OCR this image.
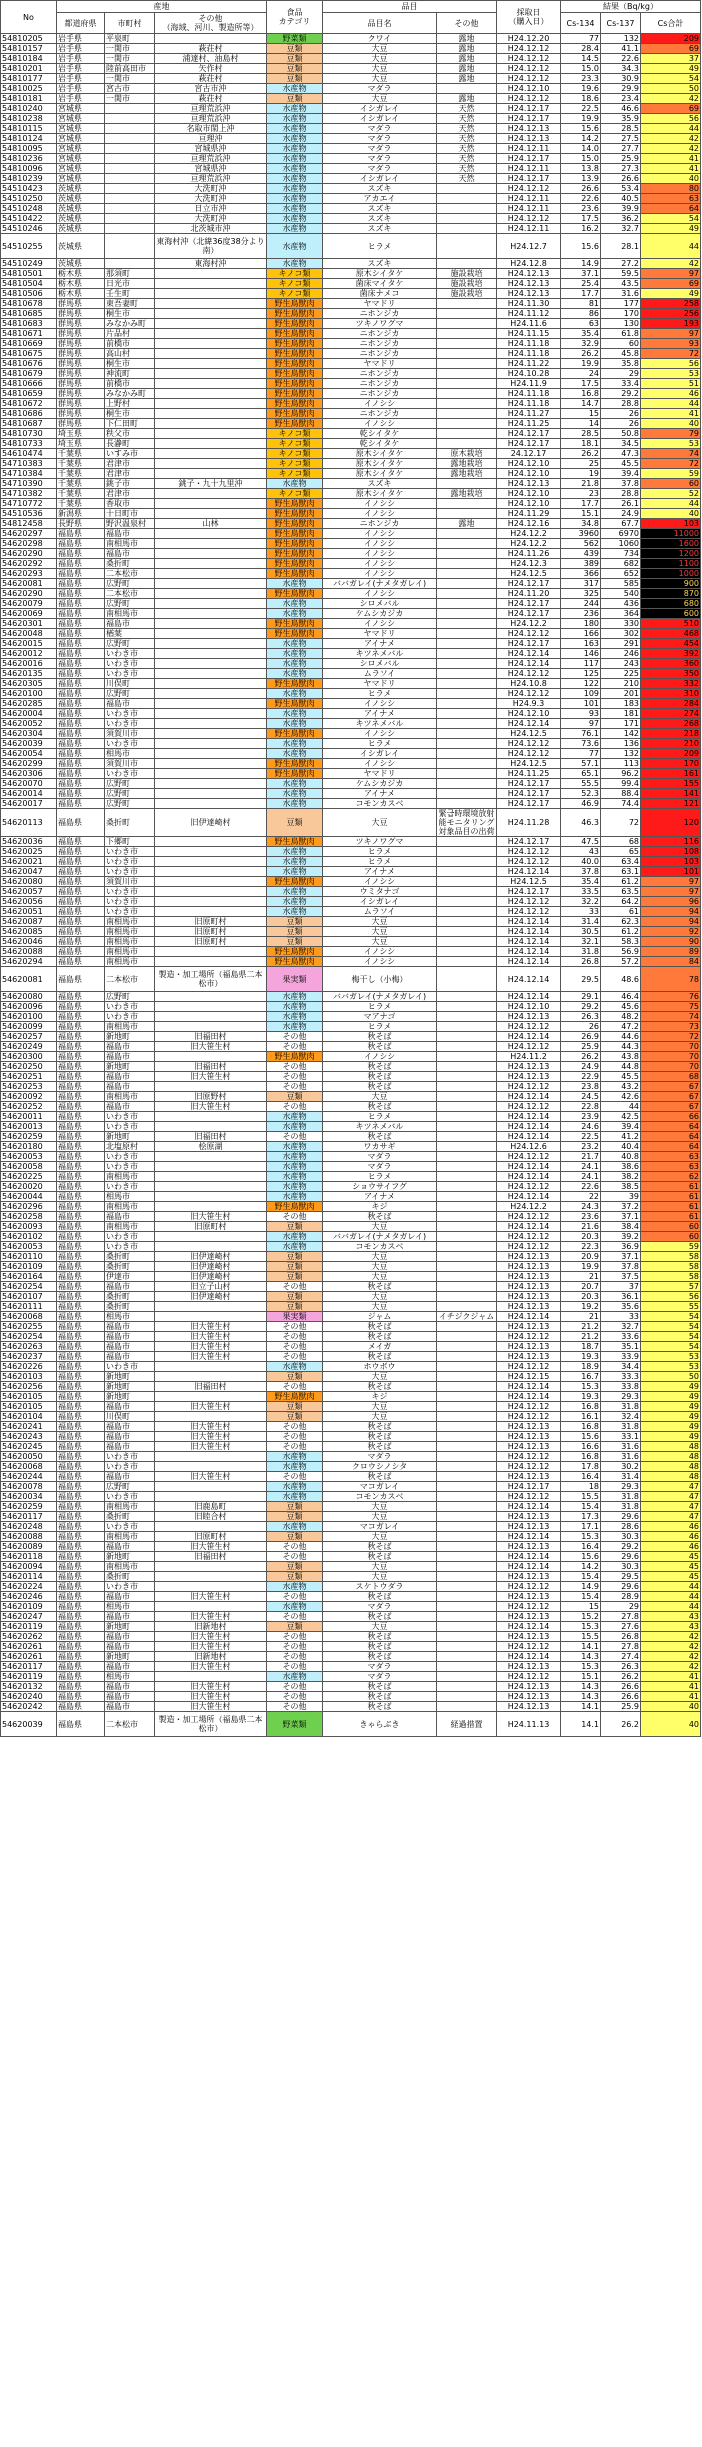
No	産地			食品
カテゴリ	品目		採取日
（購入日）	結果（Bq/kg）		
	都道府県	市町村	その他
（海域、河川、製造所等）		品目名	その他		Cs-134	Cs-137	Cs合計
54810205	岩手県	平泉町		野菜類	クワイ	露地	H24.12.20	77	132	209
54810157	岩手県	一関市	萩荘村	豆類	大豆	露地	H24.12.12	28.4	41.1	69
54810184	岩手県	一関市	浦達村、油島村	豆類	大豆	露地	H24.12.12	14.5	22.6	37
54810201	岩手県	陸前高田市	矢作村	豆類	大豆	露地	H24.12.12	15.0	34.3	49
54810177	岩手県	一関市	萩荘村	豆類	大豆	露地	H24.12.12	23.3	30.9	54
54810025	岩手県	宮古市	宮古市沖	水産物	マダラ		H24.12.10	19.6	29.9	50
54810181	岩手県	一関市	萩荘村	豆類	大豆	露地	H24.12.12	18.6	23.4	42
54810240	宮城県		亘理荒浜沖	水産物	イシガレイ	天然	H24.12.17	22.5	46.6	69
54810238	宮城県		亘理荒浜沖	水産物	イシガレイ	天然	H24.12.17	19.9	35.9	56
54810115	宮城県		名取市閖上沖	水産物	マダラ	天然	H24.12.13	15.6	28.5	44
54810124	宮城県		亘理沖	水産物	マダラ	天然	H24.12.13	14.2	27.5	42
54810095	宮城県		宮城県沖	水産物	マダラ	天然	H24.12.11	14.0	27.7	42
54810236	宮城県		亘理荒浜沖	水産物	マダラ	天然	H24.12.17	15.0	25.9	41
54810096	宮城県		宮城県沖	水産物	マダラ	天然	H24.12.11	13.8	27.3	41
54810239	宮城県		亘理荒浜沖	水産物	イシガレイ	天然	H24.12.17	13.9	26.6	40
54510423	茨城県		大洗町沖	水産物	スズキ		H24.12.12	26.6	53.4	80
54510250	茨城県		大洗町沖	水産物	アカエイ		H24.12.11	22.6	40.5	63
54510248	茨城県		日立市沖	水産物	スズキ		H24.12.11	23.6	39.9	64
54510422	茨城県		大洗町沖	水産物	スズキ		H24.12.12	17.5	36.2	54
54510246	茨城県		北茨城市沖	水産物	スズキ		H24.12.11	16.2	32.7	49
54510255	茨城県		東海村沖（北緯36度38分より南）	水産物	ヒラメ		H24.12.7	15.6	28.1	44
54510249	茨城県		東海村沖	水産物	スズキ		H24.12.8	14.9	27.2	42
54810501	栃木県	那須町		キノコ類	原木シイタケ	施設栽培	H24.12.13	37.1	59.5	97
54810504	栃木県	日光市		キノコ類	菌床マイタケ	施設栽培	H24.12.13	25.4	43.5	69
54810506	栃木県	壬生町		キノコ類	菌床ナメコ	施設栽培	H24.12.13	17.7	31.6	49
54810678	群馬県	東吾妻町		野生鳥獣肉	ヤマドリ		H24.11.30	81	177	258
54810685	群馬県	桐生市		野生鳥獣肉	ニホンジカ		H24.11.12	86	170	256
54810683	群馬県	みなかみ町		野生鳥獣肉	ツキノワグマ		H24.11.6	63	130	193
54810671	群馬県	片品村		野生鳥獣肉	ニホンジカ		H24.11.15	35.4	61.8	97
54810669	群馬県	前橋市		野生鳥獣肉	ニホンジカ		H24.11.18	32.9	60	93
54810675	群馬県	高山村		野生鳥獣肉	ニホンジカ		H24.11.18	26.2	45.8	72
54810676	群馬県	桐生市		野生鳥獣肉	ヤマドリ		H24.11.22	19.9	35.8	56
54810679	群馬県	神流町		野生鳥獣肉	ニホンジカ		H24.10.28	24	29	53
54810666	群馬県	前橋市		野生鳥獣肉	ニホンジカ		H24.11.9	17.5	33.4	51
54810659	群馬県	みなかみ町		野生鳥獣肉	ニホンジカ		H24.11.18	16.8	29.2	46
54810672	群馬県	上野村		野生鳥獣肉	イノシシ		H24.11.18	14.7	28.8	44
54810686	群馬県	桐生市		野生鳥獣肉	ニホンジカ		H24.11.27	15	26	41
54810687	群馬県	下仁田町		野生鳥獣肉	イノシシ		H24.11.25	14	26	40
54810730	埼玉県	秩父市		キノコ類	乾シイタケ		H24.12.17	28.5	50.8	79
54810733	埼玉県	長瀞町		キノコ類	乾シイタケ		H24.12.17	18.1	34.5	53
54610474	千葉県	いすみ市		キノコ類	原木シイタケ	原木栽培	24.12.17	26.2	47.3	74
54710383	千葉県	君津市		キノコ類	原木シイタケ	露地栽培	H24.12.10	25	45.5	72
54710384	千葉県	君津市		キノコ類	原木シイタケ	露地栽培	H24.12.10	19	39.4	59
54710390	千葉県	銚子市	銚子・九十九里沖	水産物	スズキ		H24.12.13	21.8	37.8	60
54710382	千葉県	君津市		キノコ類	原木シイタケ	露地栽培	H24.12.10	23	28.8	52
54710772	千葉県	香取市		野生鳥獣肉	イノシシ		H24.12.10	17.7	26.1	44
54510536	新潟県	十日町市		野生鳥獣肉	イノシシ		H24.11.29	15.1	24.9	40
54812458	長野県	野沢温泉村	山林	野生鳥獣肉	ニホンジカ	露地	H24.12.16	34.8	67.7	103
54620297	福島県	福島市		野生鳥獣肉	イノシシ		H24.12.2	3960	6970	11000
54620298	福島県	南相馬市		野生鳥獣肉	イノシシ		H24.12.2	562	1060	1600
54620290	福島県	福島市		野生鳥獣肉	イノシシ		H24.11.26	439	734	1200
54620292	福島県	桑折町		野生鳥獣肉	イノシシ		H24.12.3	389	682	1100
54620293	福島県	二本松市		野生鳥獣肉	イノシシ		H24.12.5	366	652	1000
54620081	福島県	広野町		水産物	ババガレイ(ナメタガレイ)		H24.12.17	317	585	900
54620290	福島県	二本松市		野生鳥獣肉	イノシシ		H24.11.20	325	540	870
54620079	福島県	広野町		水産物	シロメバル		H24.12.17	244	436	680
54620069	福島県	南相馬市		水産物	ケムシカジカ		H24.12.17	236	364	600
54620301	福島県	福島市		野生鳥獣肉	イノシシ		H24.12.2	180	330	510
54620048	福島県	楢葉		野生鳥獣肉	ヤマドリ		H24.12.12	166	302	468
54620015	福島県	広野町		水産物	アイナメ		H24.12.17	163	291	454
54620012	福島県	いわき市		水産物	キツネメバル		H24.12.14	146	246	392
54620016	福島県	いわき市		水産物	シロメバル		H24.12.14	117	243	360
54620135	福島県	いわき市		水産物	ムラソイ		H24.12.12	125	225	350
54620305	福島県	川俣町		野生鳥獣肉	ヤマドリ		H24.10.8	122	210	332
54620100	福島県	広野町		水産物	ヒラメ		H24.12.12	109	201	310
54620285	福島県	福島市		野生鳥獣肉	イノシシ		H24.9.3	101	183	284
54620004	福島県	いわき市		水産物	アイナメ		H24.12.10	93	181	274
54620052	福島県	いわき市		水産物	キツネメバル		H24.12.14	97	171	268
54620304	福島県	須賀川市		野生鳥獣肉	イノシシ		H24.12.5	76.1	142	218
54620039	福島県	いわき市		水産物	ヒラメ		H24.12.12	73.6	136	210
54620054	福島県	相馬市		水産物	イシガレイ		H24.12.12	77	132	209
54620299	福島県	須賀川市		野生鳥獣肉	イノシシ		H24.12.5	57.1	113	170
54620306	福島県	いわき市		野生鳥獣肉	ヤマドリ		H24.11.25	65.1	96.2	161
54620070	福島県	広野町		水産物	ケムシカジカ		H24.12.17	55.5	99.4	155
54620014	福島県	広野町		水産物	アイナメ		H24.12.17	52.3	88.4	141
54620017	福島県	広野町		水産物	コモンカスベ		H24.12.17	46.9	74.4	121
54620113	福島県	桑折町	旧伊達崎村	豆類	大豆	緊급時環境放射能モニタリング対象品目の出荷	H24.11.28	46.3	72	120
54620036	福島県	下郷町		野生鳥獣肉	ツキノワグマ		H24.12.17	47.5	68	116
54620025	福島県	いわき市		水産物	ヒラメ		H24.12.12	43	65	108
54620021	福島県	いわき市		水産物	ヒラメ		H24.12.12	40.0	63.4	103
54620047	福島県	いわき市		水産物	アイナメ		H24.12.14	37.8	63.1	101
54620080	福島県	須賀川市		野生鳥獣肉	イノシシ		H24.12.5	35.4	61.2	97
54620057	福島県	いわき市		水産物	ウミタナゴ		H24.12.17	33.5	63.5	97
54620056	福島県	いわき市		水産物	イシガレイ		H24.12.12	32.2	64.2	96
54620051	福島県	いわき市		水産物	ムラソイ		H24.12.12	33	61	94
54620087	福島県	南相馬市	旧原町村	豆類	大豆		H24.12.14	31.4	62.3	94
54620085	福島県	南相馬市	旧原町村	豆類	大豆		H24.12.14	30.5	61.2	92
54620046	福島県	南相馬市	旧原町村	豆類	大豆		H24.12.14	32.1	58.3	90
54620088	福島県	南相馬市		野生鳥獣肉	イノシシ		H24.12.14	31.8	56.9	89
54620294	福島県	南相馬市		野生鳥獣肉	イノシシ		H24.12.14	26.8	57.2	84
54620081	福島県	二本松市	製造・加工場所（福島県二本松市）	果実類	梅干し（小梅）		H24.12.14	29.5	48.6	78
54620080	福島県	広野町		水産物	ババガレイ(ナメタガレイ)		H24.12.14	29.1	46.4	76
54620096	福島県	いわき市		水産物	ヒラメ		H24.12.10	29.2	45.6	75
54620100	福島県	いわき市		水産物	マアナゴ		H24.12.13	26.3	48.2	74
54620099	福島県	南相馬市		水産物	ヒラメ		H24.12.12	26	47.2	73
54620257	福島県	新地町	旧福田村	その他	秋そば		H24.12.14	26.9	44.6	72
54620249	福島県	福島市	旧大笹生村	その他	秋そば		H24.12.12	25.9	44.3	70
54620300	福島県	福島市		野生鳥獣肉	イノシシ		H24.11.2	26.2	43.8	70
54620250	福島県	新地町	旧福田村	その他	秋そば		H24.12.13	24.9	44.8	70
54620251	福島県	福島市	旧大笹生村	その他	秋そば		H24.12.13	22.9	45.5	68
54620253	福島県	福島市		その他	秋そば		H24.12.12	23.8	43.2	67
54620092	福島県	南相馬市	旧原野村	豆類	大豆		H24.12.14	24.5	42.6	67
54620252	福島県	福島市	旧大笹生村	その他	秋そば		H24.12.12	22.8	44	67
54620011	福島県	いわき市		水産物	ヒラメ		H24.12.14	23.9	42.5	66
54620013	福島県	いわき市		水産物	キツネメバル		H24.12.14	24.6	39.4	64
54620259	福島県	新地町	旧福田村	その他	秋そば		H24.12.14	22.5	41.2	64
54620180	福島県	北塩原村	桧原湖	水産物	ワカサギ		H24.12.6	23.2	40.4	64
54620053	福島県	いわき市		水産物	マダラ		H24.12.12	21.7	40.8	63
54620058	福島県	いわき市		水産物	マダラ		H24.12.14	24.1	38.6	63
54620225	福島県	南相馬市		水産物	ヒラメ		H24.12.14	24.1	38.2	62
54620020	福島県	いわき市		水産物	ショウサイフグ		H24.12.12	22.6	38.5	61
54620044	福島県	相馬市		水産物	アイナメ		H24.12.14	22	39	61
54620296	福島県	南相馬市		野生鳥獣肉	キジ		H24.12.2	24.3	37.2	61
54620258	福島県	福島市	旧大笹生村	その他	秋そば		H24.12.12	23.6	37.1	61
54620093	福島県	南相馬市	旧原町村	豆類	大豆		H24.12.14	21.6	38.4	60
54620102	福島県	いわき市		水産物	ババガレイ(ナメタガレイ)		H24.12.12	20.3	39.2	60
54620053	福島県	いわき市		水産物	コモンカスベ		H24.12.12	22.3	36.9	59
54620110	福島県	桑折町	旧伊達崎村	豆類	大豆		H24.12.13	20.9	37.1	58
54620109	福島県	桑折町	旧伊達崎村	豆類	大豆		H24.12.13	19.9	37.8	58
54620164	福島県	伊達市	旧伊達崎村	豆類	大豆		H24.12.13	21	37.5	58
54620254	福島県	福島市	旧立子山村	その他	秋そば		H24.12.13	20.7	37	57
54620107	福島県	桑折町	旧伊達崎村	豆類	大豆		H24.12.13	20.3	36.1	56
54620111	福島県	桑折町		豆類	大豆		H24.12.13	19.2	35.6	55
54620068	福島県	相馬市		果実類	ジャム	イチジクジャム	H24.12.14	21	33	54
54620255	福島県	福島市	旧大笹生村	その他	秋そば		H24.12.13	21.2	32.7	54
54620254	福島県	福島市	旧大笹生村	その他	秋そば		H24.12.12	21.2	33.6	54
54620263	福島県	福島市	旧大笹生村	その他	メイガ		H24.12.13	18.7	35.1	54
54620237	福島県	福島市	旧大笹生村	その他	秋そば		H24.12.13	19.3	33.9	53
54620226	福島県	いわき市		水産物	ホウボウ		H24.12.12	18.9	34.4	53
54620103	福島県	新地町		豆類	大豆		H24.12.15	16.7	33.3	50
54620256	福島県	新地町	旧福田村	その他	秋そば		H24.12.14	15.3	33.8	49
54620105	福島県	新地町		野生鳥獣肉	キジ		H24.12.14	19.3	29.3	49
54620105	福島県	福島市	旧大笹生村	豆類	大豆		H24.12.12	16.8	31.8	49
54620104	福島県	川俣町		豆類	大豆		H24.12.12	16.1	32.4	49
54620241	福島県	福島市	旧大笹生村	その他	秋そば		H24.12.13	16.8	31.8	49
54620243	福島県	福島市	旧大笹生村	その他	秋そば		H24.12.13	15.6	33.1	49
54620245	福島県	福島市	旧大笹生村	その他	秋そば		H24.12.13	16.6	31.6	48
54620050	福島県	いわき市		水産物	マダラ		H24.12.12	16.8	31.6	48
54620068	福島県	いわき市		水産物	クロウシノシタ		H24.12.12	17.8	30.2	48
54620244	福島県	福島市	旧大笹生村	その他	秋そば		H24.12.13	16.4	31.4	48
54620078	福島県	広野町		水産物	マコガレイ		H24.12.17	18	29.3	47
54620034	福島県	いわき市		水産物	コモンカスベ		H24.12.12	15.5	31.8	47
54620259	福島県	南相馬市	旧鹿島町	豆類	大豆		H24.12.14	15.4	31.8	47
54620117	福島県	桑折町	旧睦合村	豆類	大豆		H24.12.13	17.3	29.6	47
54620248	福島県	いわき市		水産物	マコガレイ		H24.12.13	17.1	28.6	46
54620088	福島県	南相馬市	旧原町村	豆類	大豆		H24.12.14	15.3	30.3	46
54620089	福島県	福島市	旧大笹生村	その他	秋そば		H24.12.13	16.4	29.2	46
54620118	福島県	新地町	旧福田村	その他	秋そば		H24.12.14	15.6	29.6	45
54620094	福島県	南相馬市		豆類	大豆		H24.12.14	14.2	30.3	45
54620114	福島県	桑折町		豆類	大豆		H24.12.13	15.4	29.5	45
54620224	福島県	いわき市		水産物	スケトウダラ		H24.12.12	14.9	29.6	44
54620246	福島県	福島市	旧大笹生村	その他	秋そば		H24.12.13	15.4	28.9	44
54620109	福島県	相馬市		水産物	マダラ		H24.12.12	15	29	44
54620247	福島県	福島市	旧大笹生村	その他	秋そば		H24.12.13	15.2	27.8	43
54620119	福島県	新地町	旧新地村	豆類	大豆		H24.12.14	15.3	27.6	43
54620262	福島県	福島市	旧大笹生村	その他	秋そば		H24.12.13	15.5	26.8	42
54620261	福島県	福島市	旧大笹生村	その他	秋そば		H24.12.12	14.1	27.8	42
54620261	福島県	新地町	旧新地村	その他	秋そば		H24.12.14	14.3	27.4	42
54620117	福島県	福島市	旧大笹生村	その他	マダラ		H24.12.13	15.3	26.3	42
54620119	福島県	相馬市		水産物	マダラ		H24.12.12	15.1	26.2	41
54620132	福島県	福島市	旧大笹生村	その他	秋そば		H24.12.13	14.3	26.6	41
54620240	福島県	福島市	旧大笹生村	その他	秋そば		H24.12.13	14.3	26.6	41
54620242	福島県	福島市	旧大笹生村	その他	秋そば		H24.12.13	14.1	25.9	40
54620039	福島県	二本松市	製造・加工場所（福島県二本松市）	野菜類	きゃらぶき	経過措置	H24.11.13	14.1	26.2	40
